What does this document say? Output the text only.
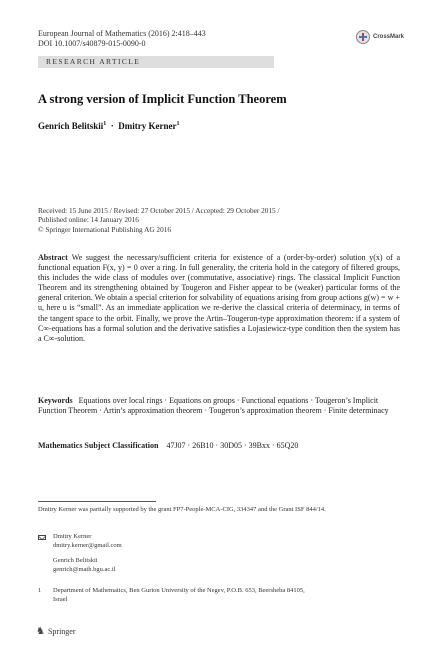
European Journal of Mathematics (2016) 2:418–443
DOI 10.1007/s40879-015-0090-0
CrossMark
RESEARCH ARTICLE
A strong version of Implicit Function Theorem
Genrich Belitskii$^1$ · Dmitry Kerner$^1$
Received: 15 June 2015 / Revised: 27 October 2015 / Accepted: 29 October 2015 /
Published online: 14 January 2016
© Springer International Publishing AG 2016
Abstract We suggest the necessary/sufficient criteria for existence of a (order-by-order) solution y(x) of a functional equation F(x, y) = 0 over a ring. In full generality, the criteria hold in the category of filtered groups, this includes the wide class of modules over (commutative, associative) rings. The classical Implicit Function Theorem and its strengthening obtained by Tougeron and Fisher appear to be (weaker) particular forms of the general criterion. We obtain a special criterion for solvability of equations arising from group actions g(w) = w + u, here u is “small”. As an immediate application we re-derive the classical criteria of determinacy, in terms of the tangent space to the orbit. Finally, we prove the Artin–Tougeron-type approximation theorem: if a system of C∞-equations has a formal solution and the derivative satisfies a Lojasiewicz-type condition then the system has a C∞-solution.
Keywords Equations over local rings · Equations on groups · Functional equations · Tougeron’s Implicit Function Theorem · Artin’s approximation theorem · Tougeron’s approximation theorem · Finite determinacy
Mathematics Subject Classification 47J07 · 26B10 · 30D05 · 39Bxx · 65Q20
Dmitry Kerner was partially supported by the grant FP7-People-MCA-CIG, 334347 and the Grant ISF 844/14.
Dmitry Kerner
dmitry.kerner@gmail.com
Genrich Belitskii
genrich@math.bgu.ac.il
1 Department of Mathematics, Ben Gurion University of the Negev, P.O.B. 653, Beersheba 84105,
Israel
♞ Springer
